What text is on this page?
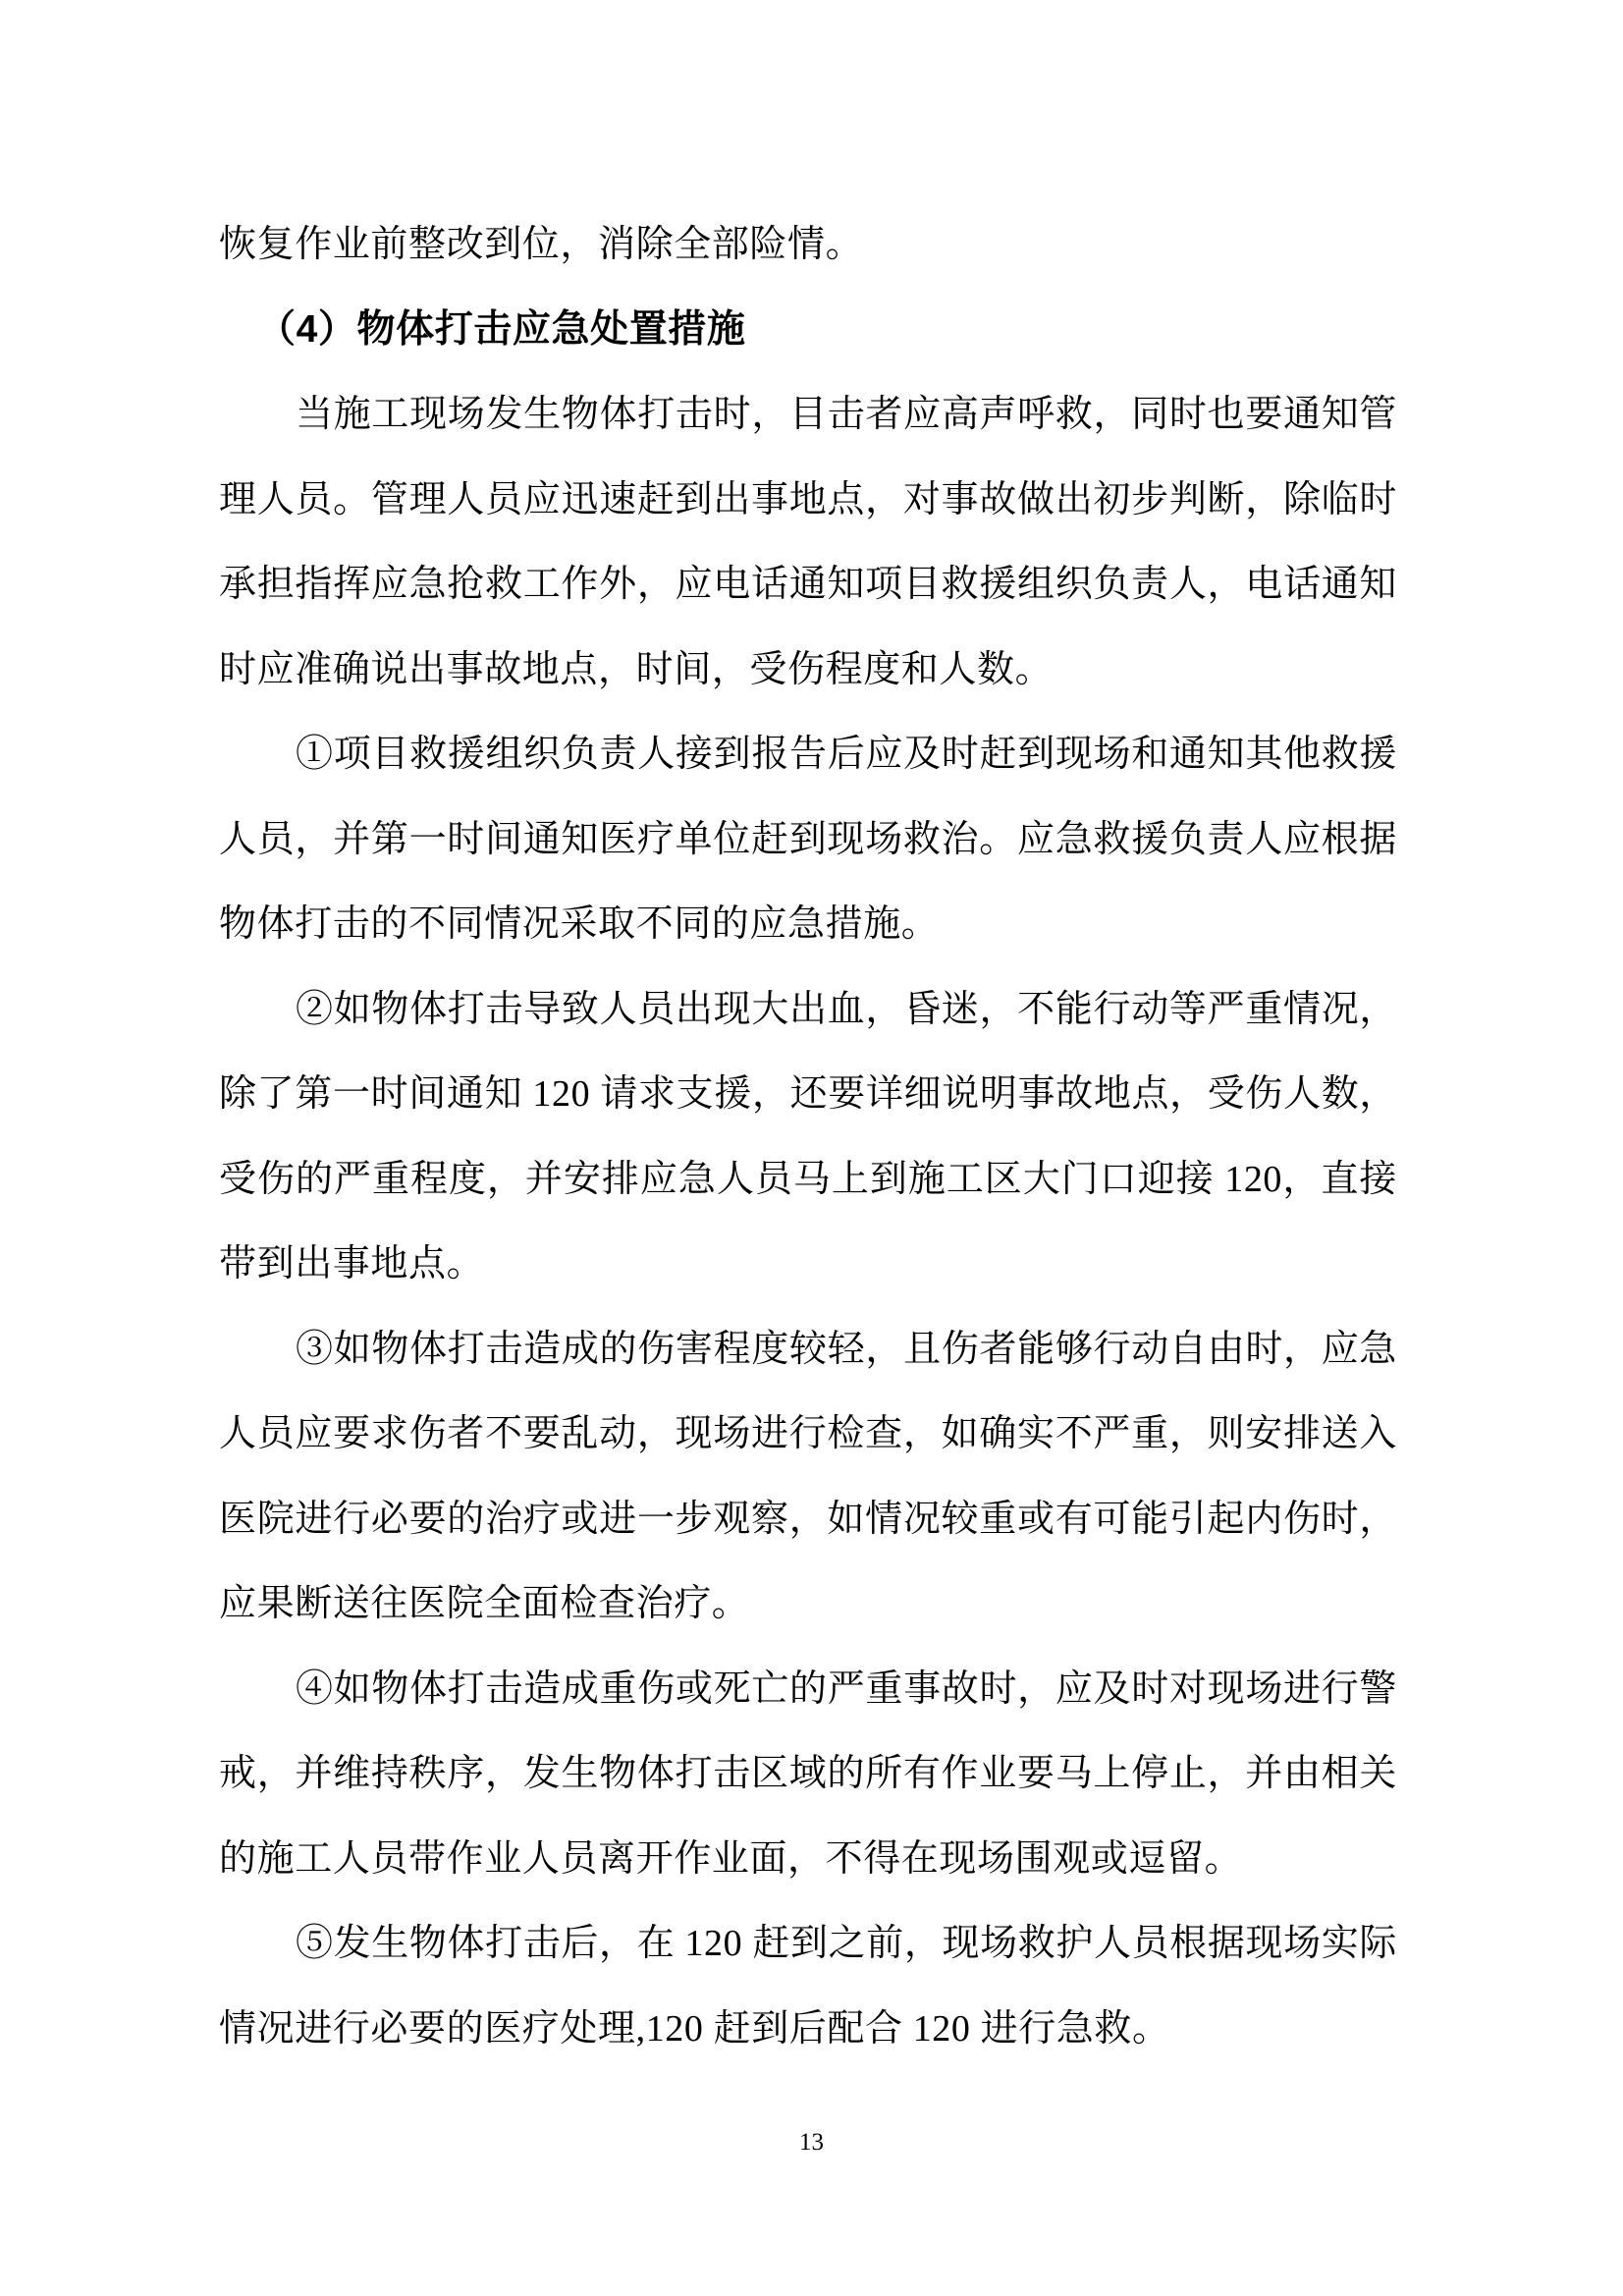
恢复作业前整改到位，消除全部险情。

（4）物体打击应急处置措施

当施工现场发生物体打击时，目击者应高声呼救，同时也要通知管理人员。管理人员应迅速赶到出事地点，对事故做出初步判断，除临时承担指挥应急抢救工作外，应电话通知项目救援组织负责人，电话通知时应准确说出事故地点，时间，受伤程度和人数。

①项目救援组织负责人接到报告后应及时赶到现场和通知其他救援人员，并第一时间通知医疗单位赶到现场救治。应急救援负责人应根据物体打击的不同情况采取不同的应急措施。

②如物体打击导致人员出现大出血，昏迷，不能行动等严重情况，除了第一时间通知 120 请求支援，还要详细说明事故地点，受伤人数，受伤的严重程度，并安排应急人员马上到施工区大门口迎接 120，直接带到出事地点。

③如物体打击造成的伤害程度较轻，且伤者能够行动自由时，应急人员应要求伤者不要乱动，现场进行检查，如确实不严重，则安排送入医院进行必要的治疗或进一步观察，如情况较重或有可能引起内伤时，应果断送往医院全面检查治疗。

④如物体打击造成重伤或死亡的严重事故时，应及时对现场进行警戒，并维持秩序，发生物体打击区域的所有作业要马上停止，并由相关的施工人员带作业人员离开作业面，不得在现场围观或逗留。

⑤发生物体打击后，在 120 赶到之前，现场救护人员根据现场实际情况进行必要的医疗处理,120 赶到后配合 120 进行急救。

13
